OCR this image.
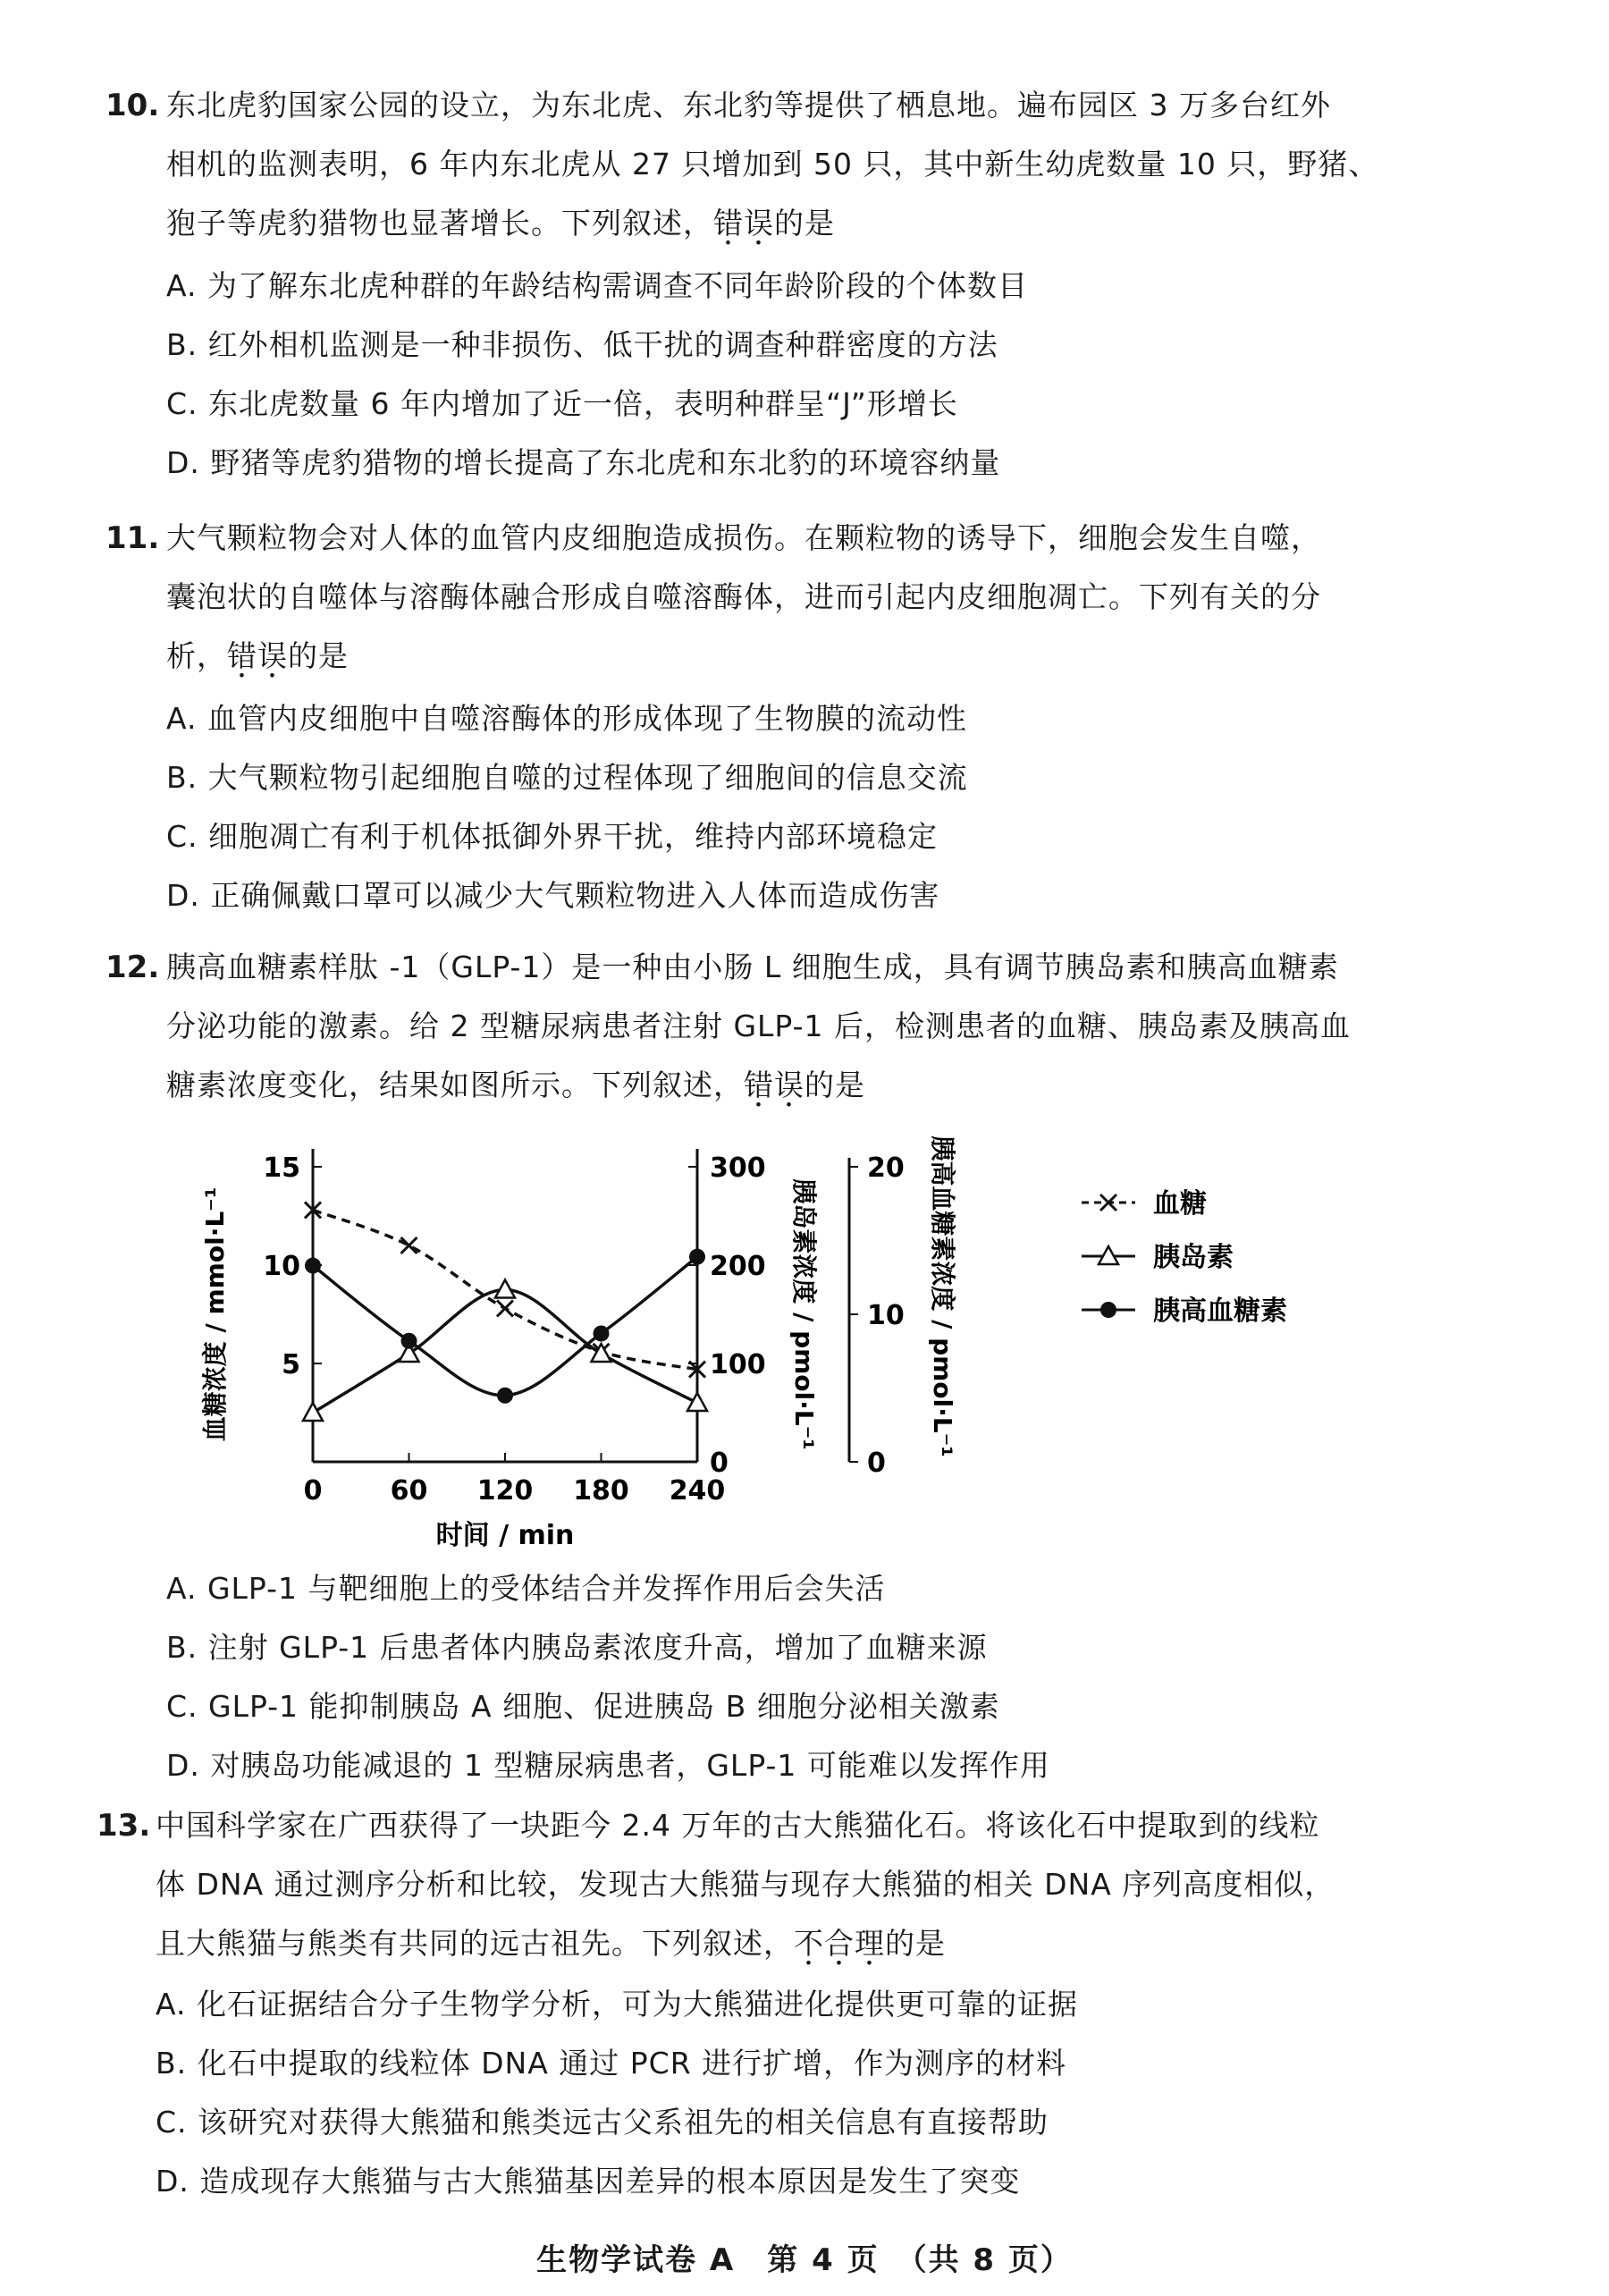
10. 东北虎豹国家公园的设立，为东北虎、东北豹等提供了栖息地。遍布园区 3 万多台红外
相机的监测表明，6 年内东北虎从 27 只增加到 50 只，其中新生幼虎数量 10 只，野猪、
狍子等虎豹猎物也显著增长。下列叙述，错误的是
A. 为了解东北虎种群的年龄结构需调查不同年龄阶段的个体数目
B. 红外相机监测是一种非损伤、低干扰的调查种群密度的方法
C. 东北虎数量 6 年内增加了近一倍，表明种群呈“J”形增长
D. 野猪等虎豹猎物的增长提高了东北虎和东北豹的环境容纳量
11. 大气颗粒物会对人体的血管内皮细胞造成损伤。在颗粒物的诱导下，细胞会发生自噬，
囊泡状的自噬体与溶酶体融合形成自噬溶酶体，进而引起内皮细胞凋亡。下列有关的分
析，错误的是
A. 血管内皮细胞中自噬溶酶体的形成体现了生物膜的流动性
B. 大气颗粒物引起细胞自噬的过程体现了细胞间的信息交流
C. 细胞凋亡有利于机体抵御外界干扰，维持内部环境稳定
D. 正确佩戴口罩可以减少大气颗粒物进入人体而造成伤害
12. 胰高血糖素样肽 -1（GLP-1）是一种由小肠 L 细胞生成，具有调节胰岛素和胰高血糖素
分泌功能的激素。给 2 型糖尿病患者注射 GLP-1 后，检测患者的血糖、胰岛素及胰高血
糖素浓度变化，结果如图所示。下列叙述，错误的是
0	60 120 180 240
时间 / min
5
10
15
血糖浓度 / mmol·L⁻¹
0
100
200
300
胰岛素浓度 / pmol·L⁻¹
0
10
20 胰高血糖素浓度 / pmol·L⁻¹	血糖
胰岛素
胰高血糖素
A. GLP-1 与靶细胞上的受体结合并发挥作用后会失活
B. 注射 GLP-1 后患者体内胰岛素浓度升高，增加了血糖来源
C. GLP-1 能抑制胰岛 A 细胞、促进胰岛 B 细胞分泌相关激素
D. 对胰岛功能减退的 1 型糖尿病患者，GLP-1 可能难以发挥作用
13. 中国科学家在广西获得了一块距今 2.4 万年的古大熊猫化石。将该化石中提取到的线粒
体 DNA 通过测序分析和比较，发现古大熊猫与现存大熊猫的相关 DNA 序列高度相似，
且大熊猫与熊类有共同的远古祖先。下列叙述，不合理的是
A. 化石证据结合分子生物学分析，可为大熊猫进化提供更可靠的证据
B. 化石中提取的线粒体 DNA 通过 PCR 进行扩增，作为测序的材料
C. 该研究对获得大熊猫和熊类远古父系祖先的相关信息有直接帮助
D. 造成现存大熊猫与古大熊猫基因差异的根本原因是发生了突变
生物学试卷 A　第 4 页　（共 8 页）
